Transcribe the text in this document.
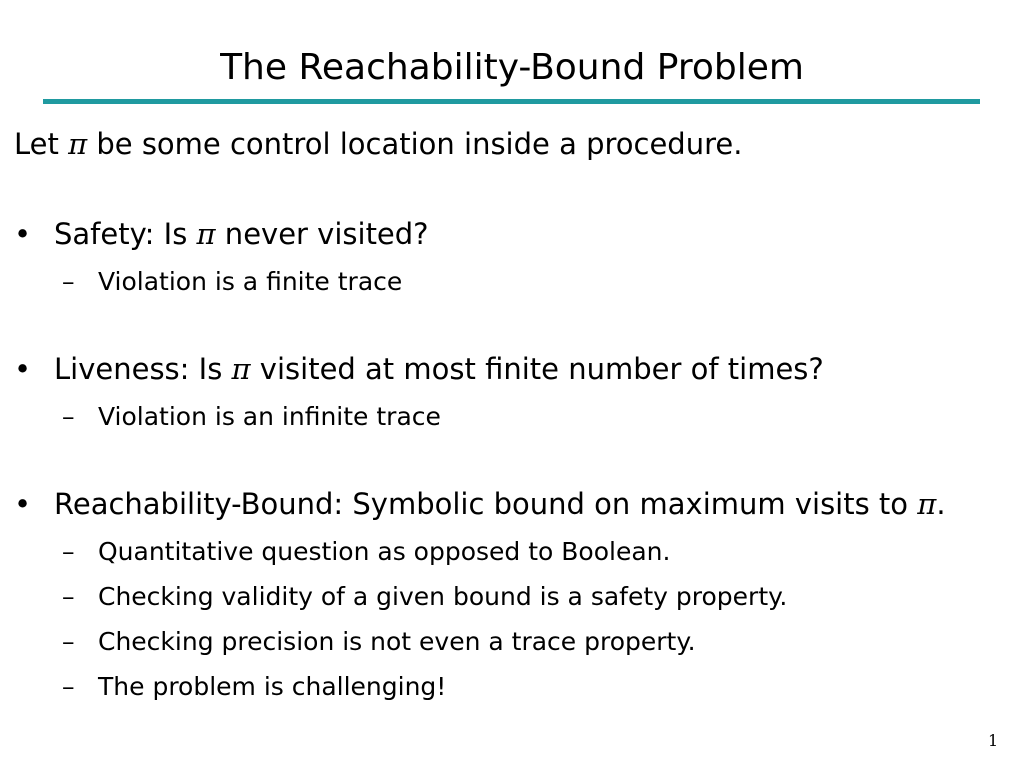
The Reachability-Bound Problem
Let π be some control location inside a procedure.
• Safety: Is π never visited?
– Violation is a finite trace
• Liveness: Is π visited at most finite number of times?
– Violation is an infinite trace
• Reachability-Bound: Symbolic bound on maximum visits to π.
– Quantitative question as opposed to Boolean.
– Checking validity of a given bound is a safety property.
– Checking precision is not even a trace property.
– The problem is challenging!
1
